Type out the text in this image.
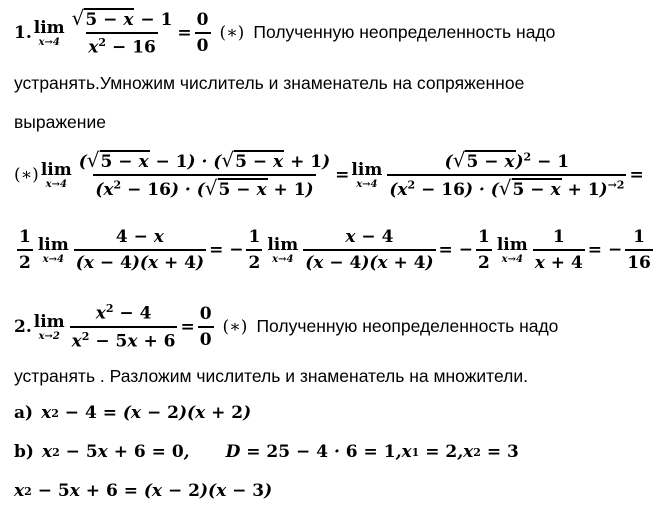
1. lim
$x\to 4 \frac{√ 5 - x - 1}{x^2 - 16} = \frac{0}{0}$ (∗) Полученную неопределенность надо
устранять.Умножим числитель и знаменатель на сопряженное
выражение
(∗) lim
$x\to 4 \frac{( √ 5 - x - 1) \cdot ( √ 5 - x + 1)}{(x^2 - 16) \cdot ( √ 5 - x + 1)} = \lim$
$x\to 4 \frac{( √ 5 - x )^2 - 1}{(x^2 - 16) \cdot ( √ 5 - x + 1)^{\to 2}}$ =
$\frac{1}{2}$ lim
$x\to 4 \frac{4 - x}{(x - 4)(x + 4)}$ = − $\frac{1}{2}$ lim
$x\to 4 \frac{x - 4}{(x - 4)(x + 4)}$ = − $\frac{1}{2}$ lim
$x\to 4 \frac{1}{x + 4}$ = − $\frac{1}{16}$
2. lim
$x\to 2 \frac{x^2 - 4}{x^2 - 5x + 6} = \frac{0}{0}$ (∗) Полученную неопределенность надо
устранять . Разложим числитель и знаменатель на множители.
a) x 2 − 4 = (x − 2 )(x + 2 )
b) x 2 − 5 x + 6 = 0 ,
D = 25 − 4 · 6 = 1 ,x 1 = 2 ,x 2 = 3
x 2 − 5 x + 6 = (x − 2 )(x − 3 )
